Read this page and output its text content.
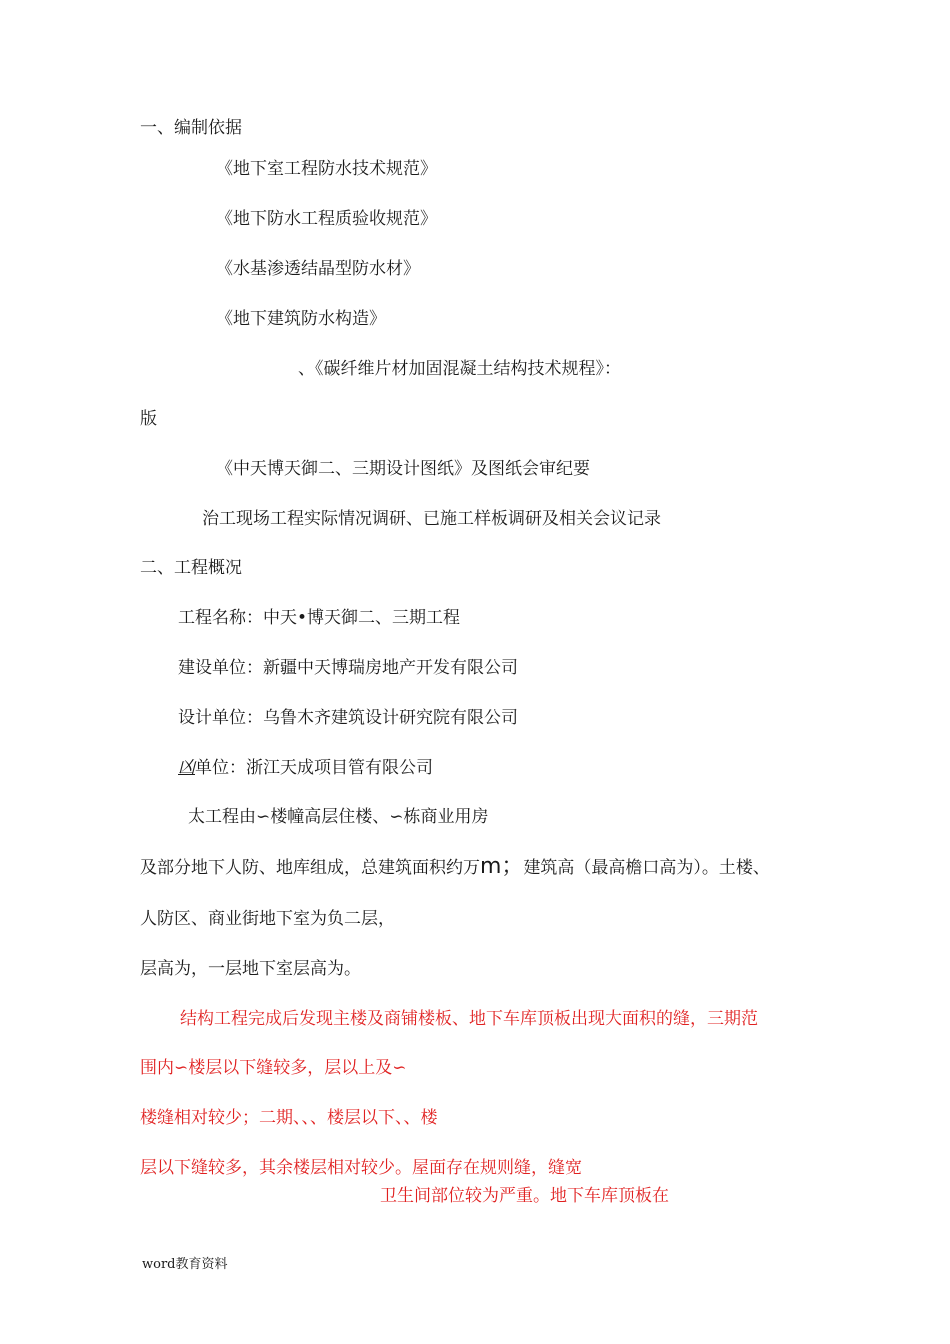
一、编制依据
《地下室工程防水技术规范》
《地下防水工程质验收规范》
《水基渗透结晶型防水材》
《地下建筑防水构造》
、《碳纤维片材加固混凝土结构技术规程》：
版
《中天博天御二、三期设计图纸》及图纸会审纪要
治工现场工程实际情况调研、已施工样板调研及相关会议记录
二、工程概况
工程名称：中天•博天御二、三期工程
建设单位：新疆中天博瑞房地产开发有限公司
设计单位：乌鲁木齐建筑设计研究院有限公司
凶单位：浙江天成项目管有限公司
太工程由∽楼幢高层住楼、∽栋商业用房
及部分地下人防、地库组成，总建筑面积约万m；建筑高（最高檐口高为）。土楼、
人防区、商业街地下室为负二层，
层高为，一层地下室层高为。
结构工程完成后发现主楼及商铺楼板、地下车库顶板出现大面积的缝，三期范
围内∽楼层以下缝较多，层以上及∽
楼缝相对较少；二期、、、楼层以下、、楼
层以下缝较多，其余楼层相对较少。屋面存在规则缝，缝宽
卫生间部位较为严重。地下车库顶板在
word教育资料
